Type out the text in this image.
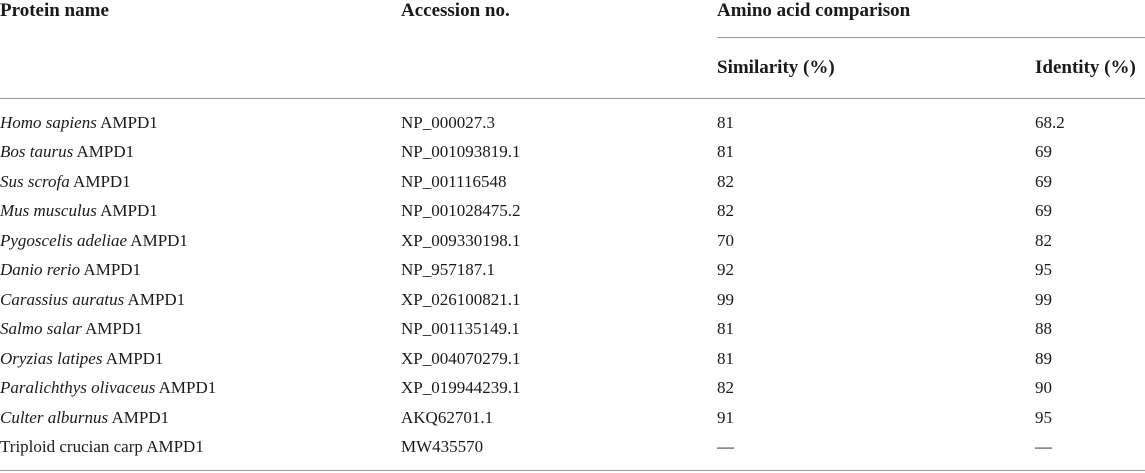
Protein name	Accession no.	Amino acid comparison
Similarity (%)	Identity (%)
Homo sapiens AMPD1	NP_000027.3	81	68.2
Bos taurus AMPD1	NP_001093819.1	81	69
Sus scrofa AMPD1	NP_001116548	82	69
Mus musculus AMPD1	NP_001028475.2	82	69
Pygoscelis adeliae AMPD1	XP_009330198.1	70	82
Danio rerio AMPD1	NP_957187.1	92	95
Carassius auratus AMPD1	XP_026100821.1	99	99
Salmo salar AMPD1	NP_001135149.1	81	88
Oryzias latipes AMPD1	XP_004070279.1	81	89
Paralichthys olivaceus AMPD1	XP_019944239.1	82	90
Culter alburnus AMPD1	AKQ62701.1	91	95
Triploid crucian carp AMPD1	MW435570	—	—
